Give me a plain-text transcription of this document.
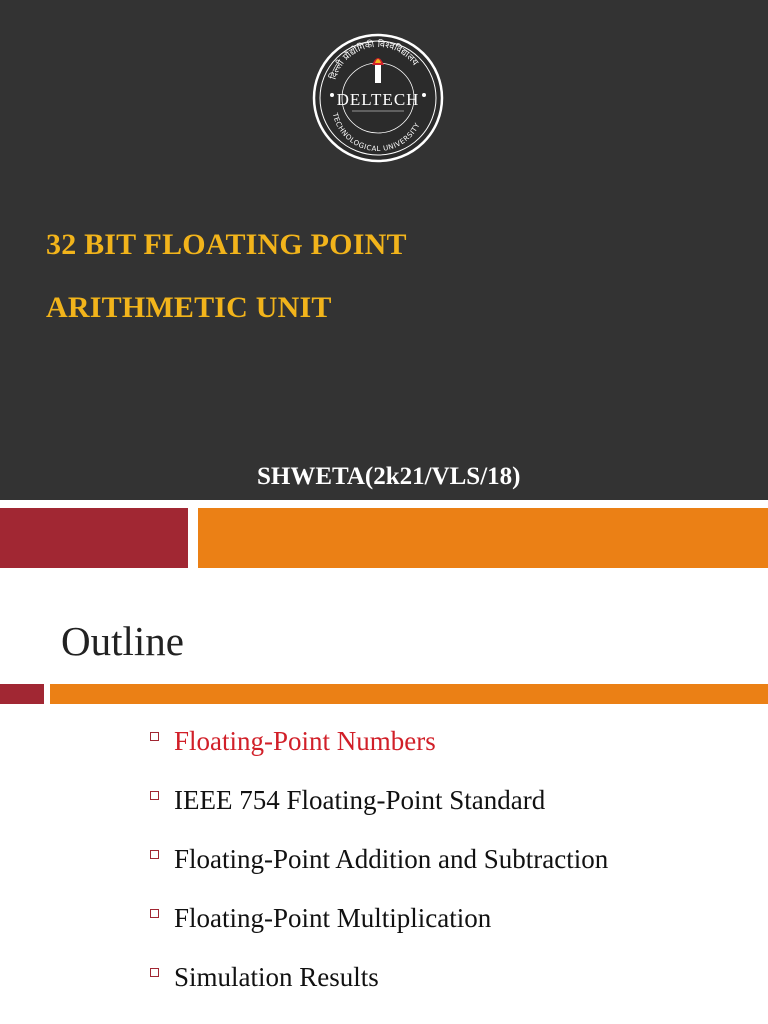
दिल्ली प्रौद्योगिकी विश्वविद्यालय
TECHNOLOGICAL UNIVERSITY
DELTECH

32 BIT FLOATING POINT

ARITHMETIC UNIT

SHWETA(2k21/VLS/18)

Outline
Floating-Point Numbers
IEEE 754 Floating-Point Standard
Floating-Point Addition and Subtraction
Floating-Point Multiplication
Simulation Results
